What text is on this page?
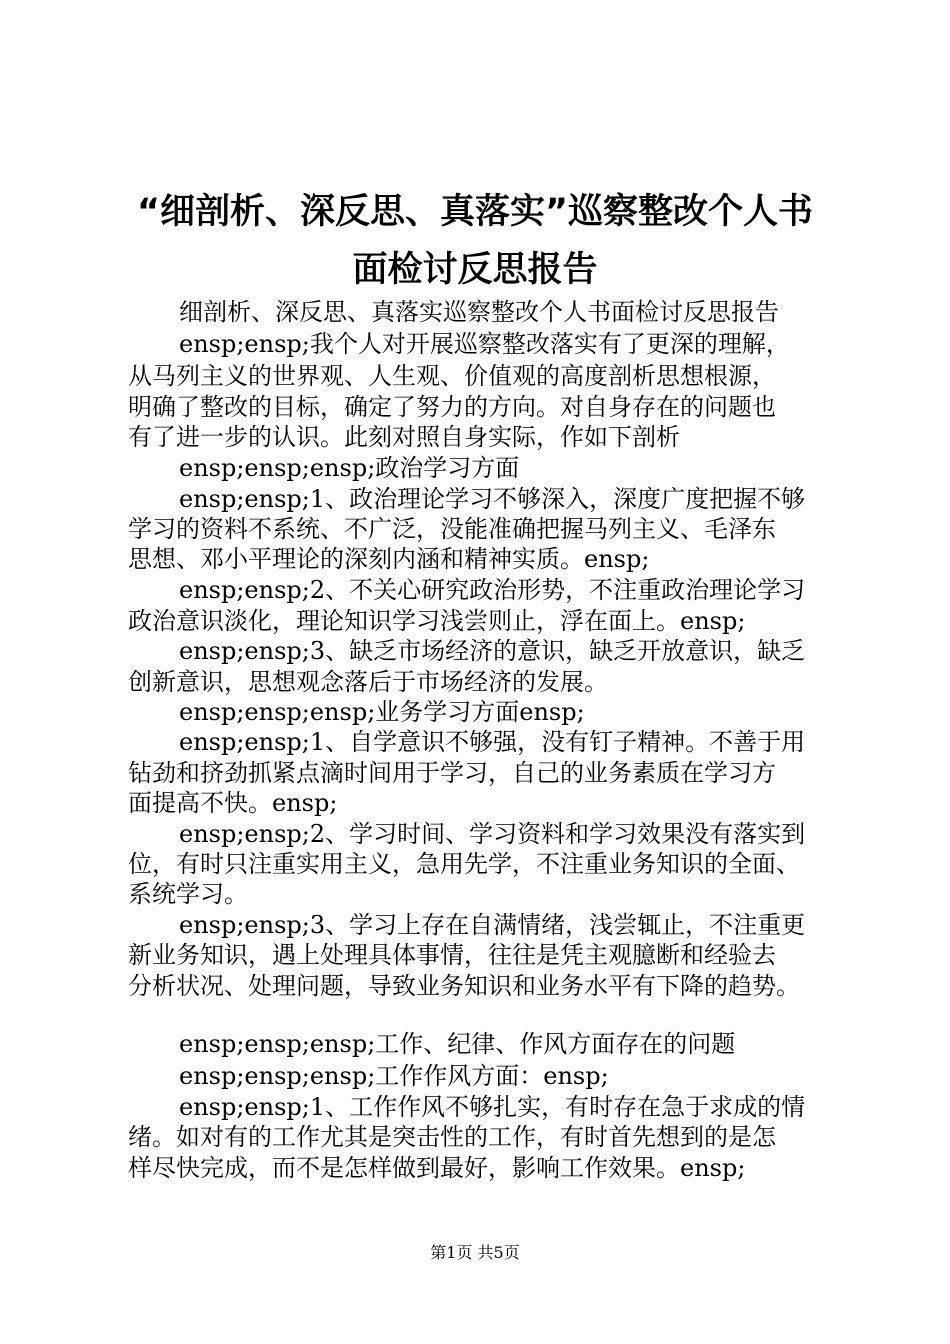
“细剖析、深反思、真落实”巡察整改个人书
面检讨反思报告
细剖析、深反思、真落实巡察整改个人书面检讨反思报告
ensp;ensp;我个人对开展巡察整改落实有了更深的理解，
从马列主义的世界观、人生观、价值观的高度剖析思想根源，
明确了整改的目标，确定了努力的方向。对自身存在的问题也
有了进一步的认识。此刻对照自身实际，作如下剖析
ensp;ensp;ensp;政治学习方面
ensp;ensp;1、政治理论学习不够深入，深度广度把握不够
学习的资料不系统、不广泛，没能准确把握马列主义、毛泽东
思想、邓小平理论的深刻内涵和精神实质。ensp;
ensp;ensp;2、不关心研究政治形势，不注重政治理论学习
政治意识淡化，理论知识学习浅尝则止，浮在面上。ensp;
ensp;ensp;3、缺乏市场经济的意识，缺乏开放意识，缺乏
创新意识，思想观念落后于市场经济的发展。
ensp;ensp;ensp;业务学习方面ensp;
ensp;ensp;1、自学意识不够强，没有钉子精神。不善于用
钻劲和挤劲抓紧点滴时间用于学习，自己的业务素质在学习方
面提高不快。ensp;
ensp;ensp;2、学习时间、学习资料和学习效果没有落实到
位，有时只注重实用主义，急用先学，不注重业务知识的全面、
系统学习。
ensp;ensp;3、学习上存在自满情绪，浅尝辄止，不注重更
新业务知识，遇上处理具体事情，往往是凭主观臆断和经验去
分析状况、处理问题，导致业务知识和业务水平有下降的趋势。
ensp;ensp;ensp;工作、纪律、作风方面存在的问题
ensp;ensp;ensp;工作作风方面：ensp;
ensp;ensp;1、工作作风不够扎实，有时存在急于求成的情
绪。如对有的工作尤其是突击性的工作，有时首先想到的是怎
样尽快完成，而不是怎样做到最好，影响工作效果。ensp;
第1页 共5页
